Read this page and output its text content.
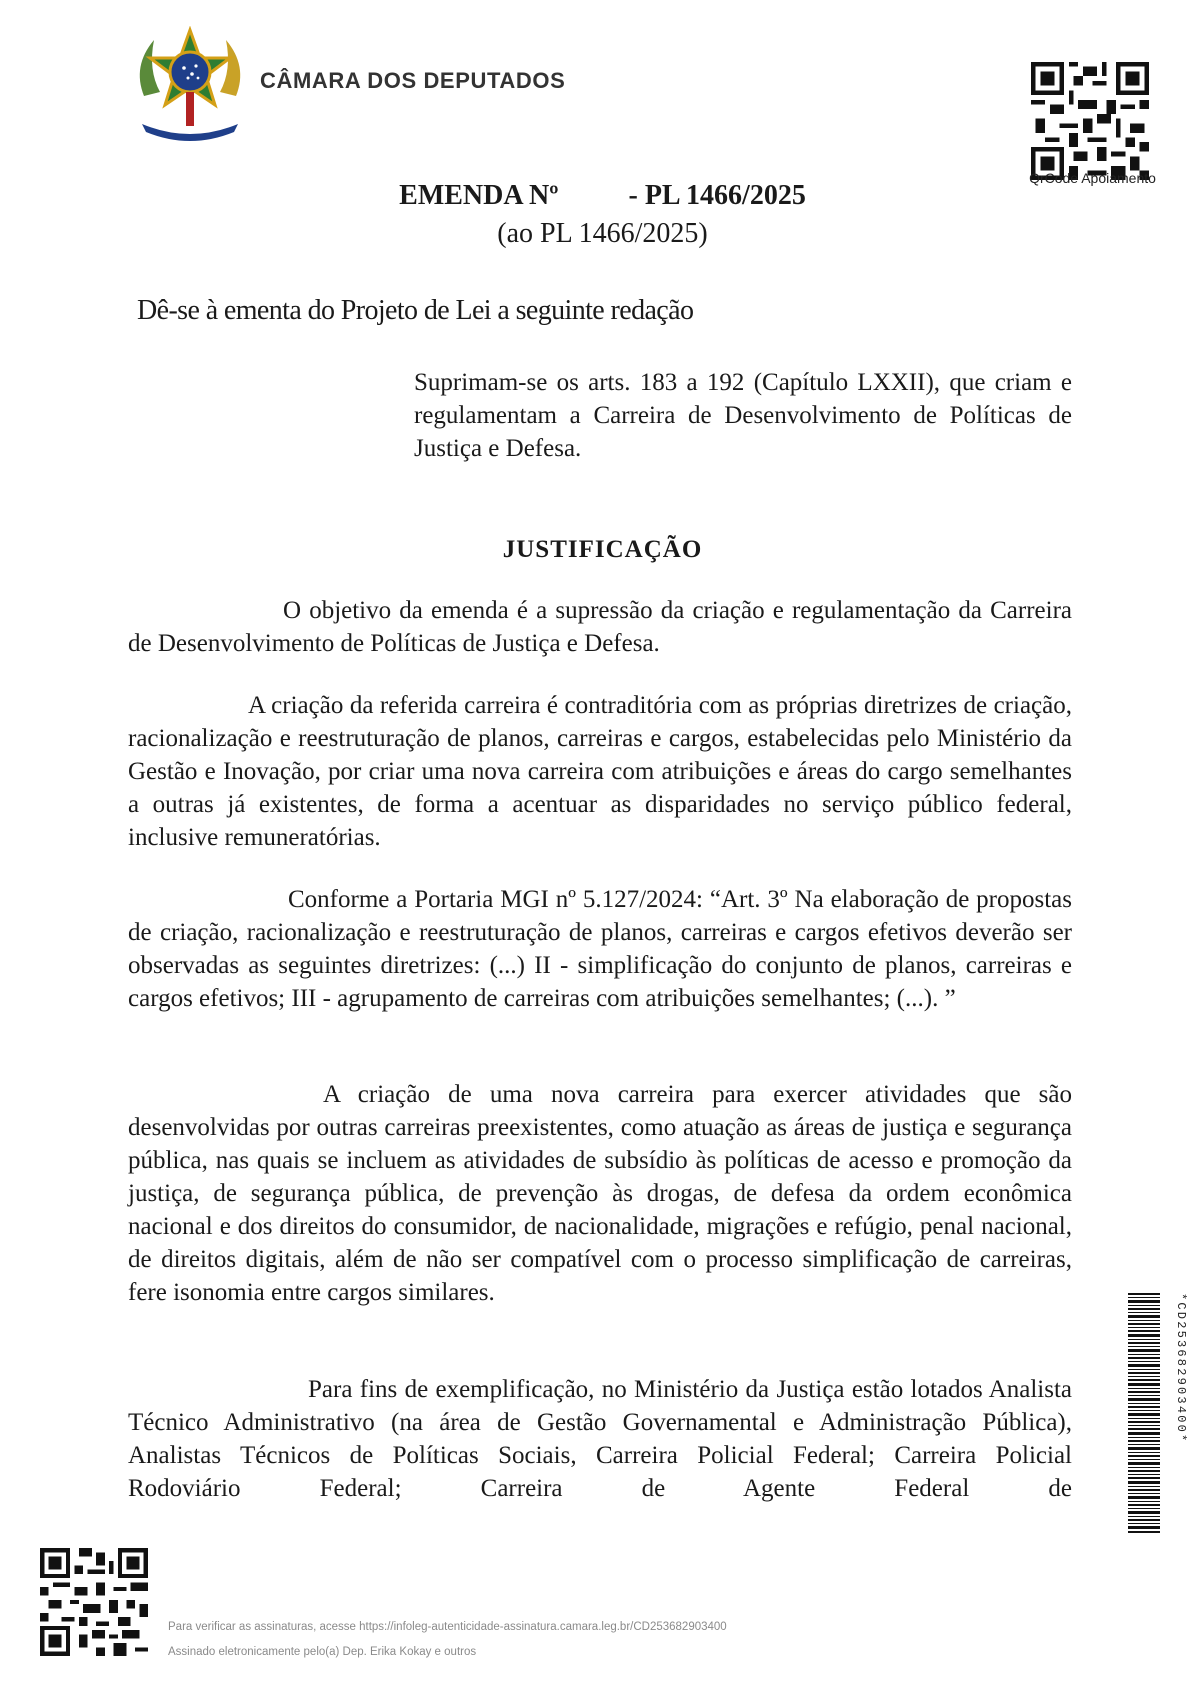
CÂMARA DOS DEPUTADOS
QrCode Apoiamento
EMENDA Nº	- PL 1466/2025
(ao PL 1466/2025)
Dê-se à ementa do Projeto de Lei a seguinte redação
Suprimam-se os arts. 183 a 192 (Capítulo LXXII), que criam e regulamentam a Carreira de Desenvolvimento de Políticas de Justiça e Defesa.
JUSTIFICAÇÃO
O objetivo da emenda é a supressão da criação e regulamentação da Carreira de Desenvolvimento de Políticas de Justiça e Defesa.
A criação da referida carreira é contraditória com as próprias diretrizes de criação, racionalização e reestruturação de planos, carreiras e cargos, estabelecidas pelo Ministério da Gestão e Inovação, por criar uma nova carreira com atribuições e áreas do cargo semelhantes a outras já existentes, de forma a acentuar as disparidades no serviço público federal, inclusive remuneratórias.
Conforme a Portaria MGI nº 5.127/2024: “Art. 3º Na elaboração de propostas de criação, racionalização e reestruturação de planos, carreiras e cargos efetivos deverão ser observadas as seguintes diretrizes: (...) II - simplificação do conjunto de planos, carreiras e cargos efetivos; III - agrupamento de carreiras com atribuições semelhantes; (...). ”
A criação de uma nova carreira para exercer atividades que são desenvolvidas por outras carreiras preexistentes, como atuação as áreas de justiça e segurança pública, nas quais se incluem as atividades de subsídio às políticas de acesso e promoção da justiça, de segurança pública, de prevenção às drogas, de defesa da ordem econômica nacional e dos direitos do consumidor, de nacionalidade, migrações e refúgio, penal nacional, de direitos digitais, além de não ser compatível com o processo simplificação de carreiras, fere isonomia entre cargos similares.
Para fins de exemplificação, no Ministério da Justiça estão lotados Analista Técnico Administrativo (na área de Gestão Governamental e Administração Pública), Analistas Técnicos de Políticas Sociais, Carreira Policial Federal; Carreira Policial Rodoviário Federal; Carreira de Agente Federal de
*CD253682903400*
Para verificar as assinaturas, acesse https://infoleg-autenticidade-assinatura.camara.leg.br/CD253682903400
Assinado eletronicamente pelo(a) Dep. Erika Kokay e outros
